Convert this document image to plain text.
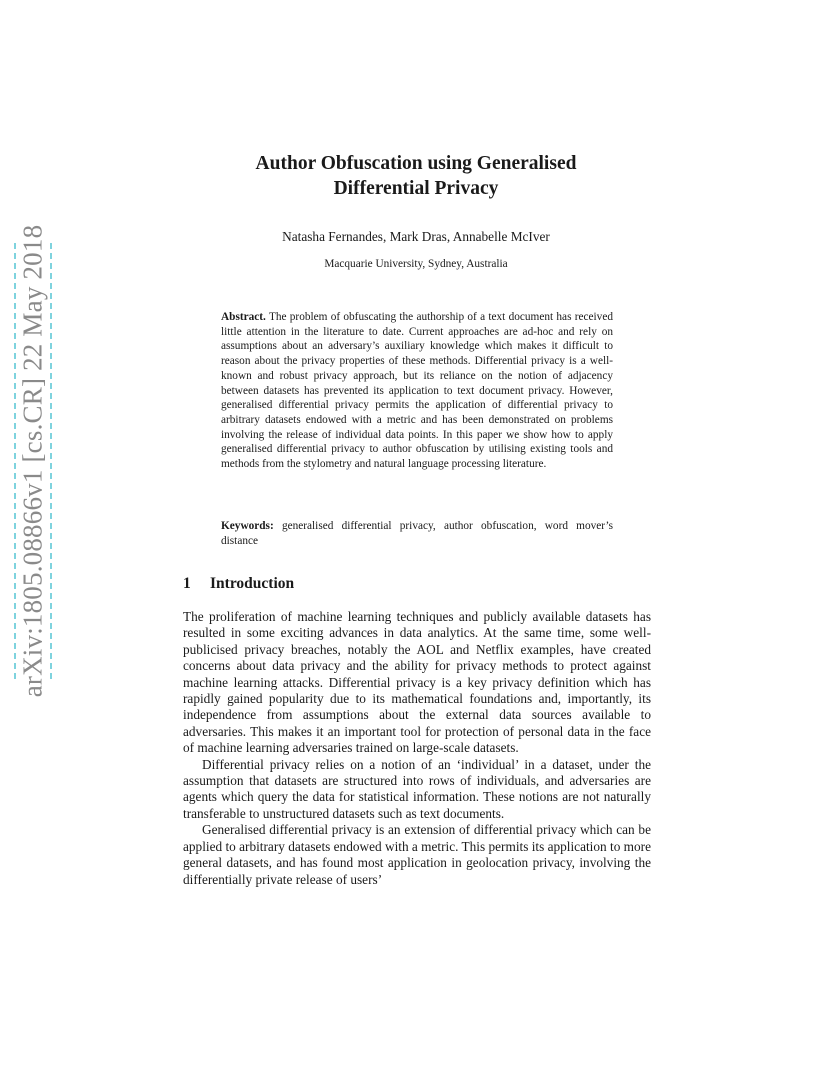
arXiv:1805.08866v1 [cs.CR] 22 May 2018
Author Obfuscation using Generalised
Differential Privacy

Natasha Fernandes, Mark Dras, Annabelle McIver

Macquarie University, Sydney, Australia

Abstract. The problem of obfuscating the authorship of a text document has received little attention in the literature to date. Current approaches are ad-hoc and rely on assumptions about an adversary’s auxiliary knowledge which makes it difficult to reason about the privacy properties of these methods. Differential privacy is a well-known and robust privacy approach, but its reliance on the notion of adjacency between datasets has prevented its application to text document privacy. However, generalised differential privacy permits the application of differential privacy to arbitrary datasets endowed with a metric and has been demonstrated on problems involving the release of individual data points. In this paper we show how to apply generalised differential privacy to author obfuscation by utilising existing tools and methods from the stylometry and natural language processing literature.

Keywords: generalised differential privacy, author obfuscation, word mover’s distance

1 Introduction

The proliferation of machine learning techniques and publicly available datasets has resulted in some exciting advances in data analytics. At the same time, some well-publicised privacy breaches, notably the AOL and Netflix examples, have created concerns about data privacy and the ability for privacy methods to protect against machine learning attacks. Differential privacy is a key privacy definition which has rapidly gained popularity due to its mathematical foundations and, importantly, its independence from assumptions about the external data sources available to adversaries. This makes it an important tool for protection of personal data in the face of machine learning adversaries trained on large-scale datasets.

Differential privacy relies on a notion of an ‘individual’ in a dataset, under the assumption that datasets are structured into rows of individuals, and adversaries are agents which query the data for statistical information. These notions are not naturally transferable to unstructured datasets such as text documents.

Generalised differential privacy is an extension of differential privacy which can be applied to arbitrary datasets endowed with a metric. This permits its application to more general datasets, and has found most application in geolocation privacy, involving the differentially private release of users’
